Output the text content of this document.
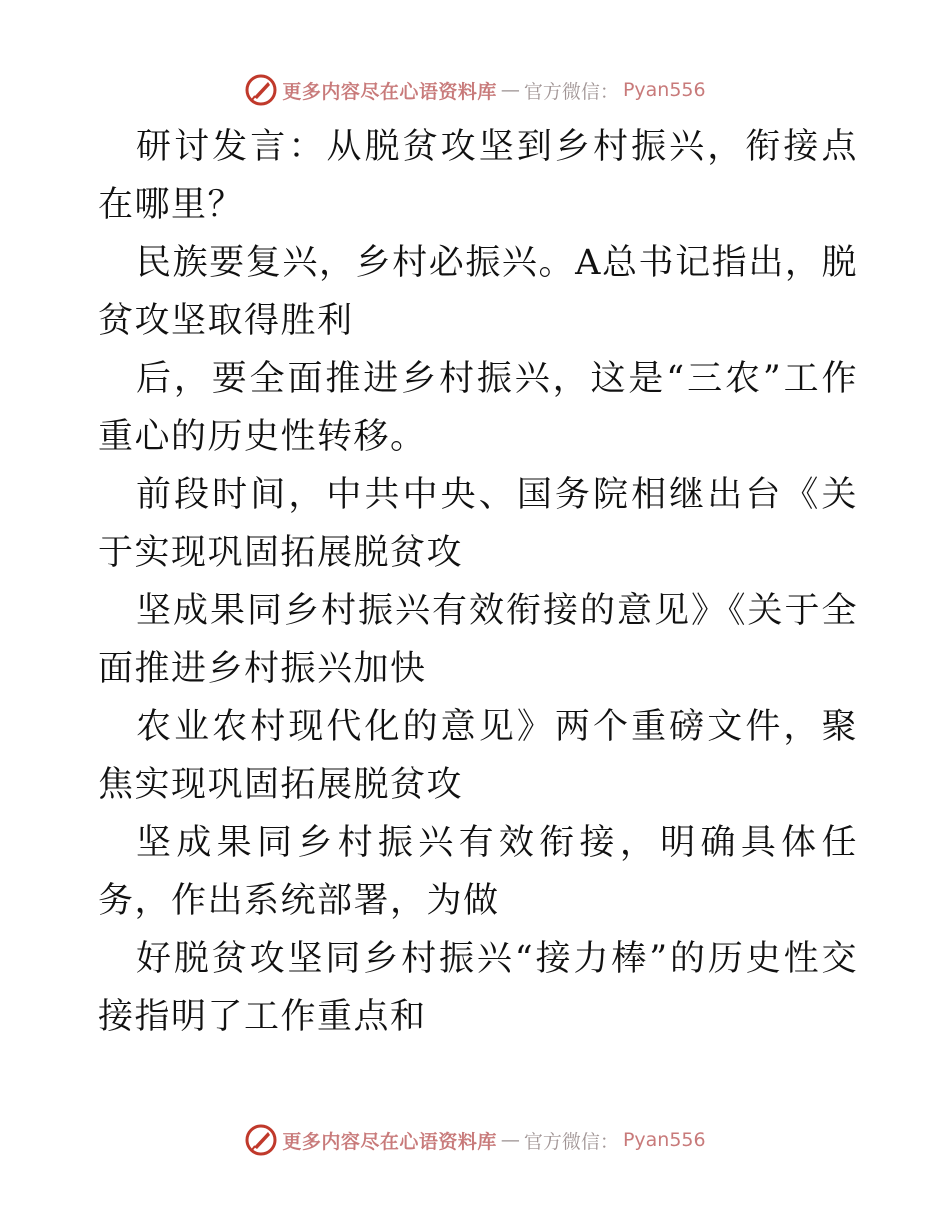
更多内容尽在心语资料库 — 官方微信： Pyan556

研讨发言：从脱贫攻坚到乡村振兴，衔接点在哪里？

民族要复兴，乡村必振兴。A总书记指出，脱贫攻坚取得胜利

后，要全面推进乡村振兴，这是“三农”工作重心的历史性转移。

前段时间，中共中央、国务院相继出台《关于实现巩固拓展脱贫攻

坚成果同乡村振兴有效衔接的意见》《关于全面推进乡村振兴加快

农业农村现代化的意见》两个重磅文件，聚焦实现巩固拓展脱贫攻

坚成果同乡村振兴有效衔接，明确具体任务，作出系统部署，为做

好脱贫攻坚同乡村振兴“接力棒”的历史性交接指明了工作重点和

更多内容尽在心语资料库 — 官方微信： Pyan556
